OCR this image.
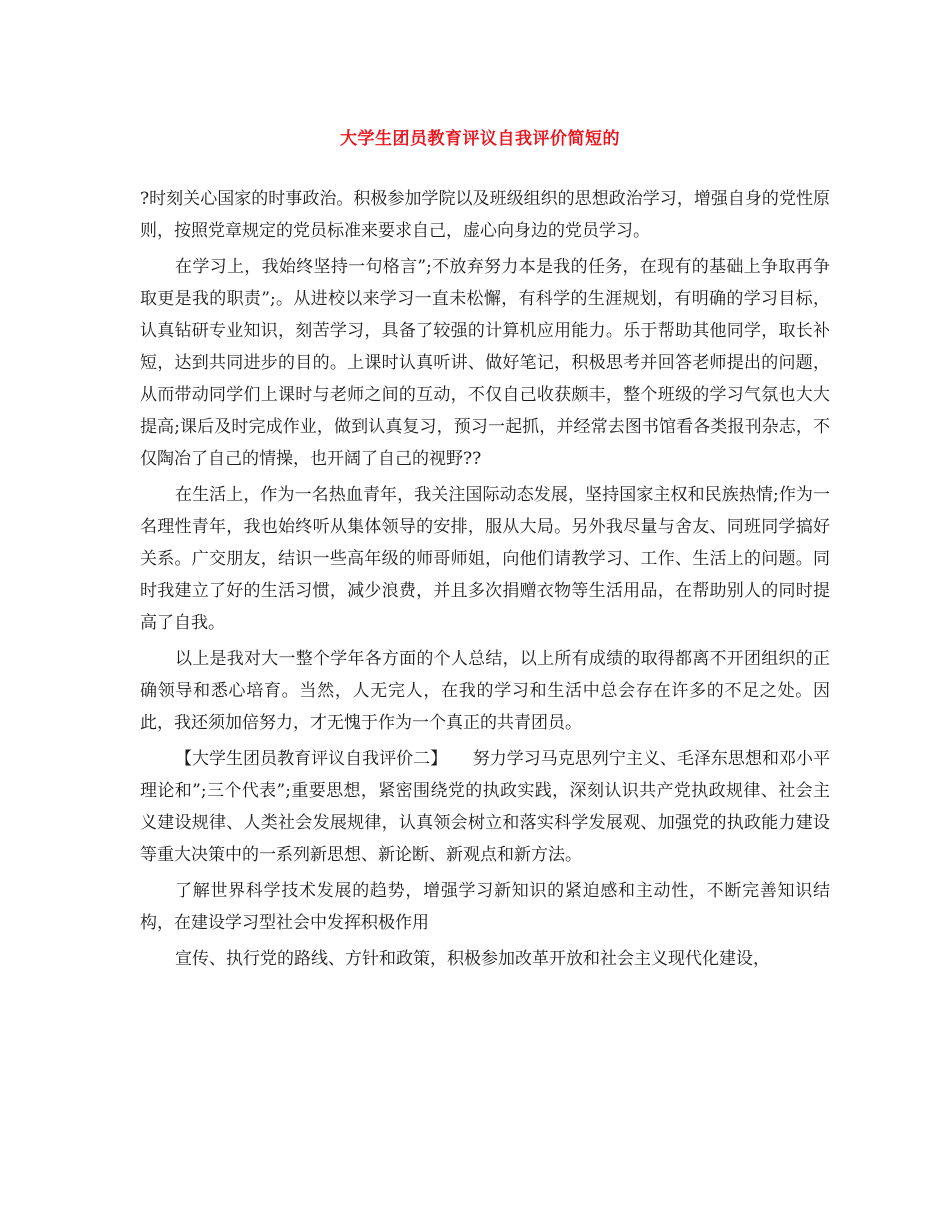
大学生团员教育评议自我评价简短的

?时刻关心国家的时事政治。积极参加学院以及班级组织的思想政治学习，增强自身的党性原则，按照党章规定的党员标准来要求自己，虚心向身边的党员学习。

在学习上，我始终坚持一句格言”;不放弃努力本是我的任务，在现有的基础上争取再争取更是我的职责”;。从进校以来学习一直未松懈，有科学的生涯规划，有明确的学习目标，认真钻研专业知识，刻苦学习，具备了较强的计算机应用能力。乐于帮助其他同学，取长补短，达到共同进步的目的。上课时认真听讲、做好笔记，积极思考并回答老师提出的问题，从而带动同学们上课时与老师之间的互动，不仅自己收获颇丰，整个班级的学习气氛也大大提高;课后及时完成作业，做到认真复习，预习一起抓，并经常去图书馆看各类报刊杂志，不仅陶冶了自己的情操，也开阔了自己的视野??

在生活上，作为一名热血青年，我关注国际动态发展，坚持国家主权和民族热情;作为一名理性青年，我也始终听从集体领导的安排，服从大局。另外我尽量与舍友、同班同学搞好关系。广交朋友，结识一些高年级的师哥师姐，向他们请教学习、工作、生活上的问题。同时我建立了好的生活习惯，减少浪费，并且多次捐赠衣物等生活用品，在帮助别人的同时提高了自我。

以上是我对大一整个学年各方面的个人总结，以上所有成绩的取得都离不开团组织的正确领导和悉心培育。当然，人无完人，在我的学习和生活中总会存在许多的不足之处。因此，我还须加倍努力，才无愧于作为一个真正的共青团员。

【大学生团员教育评议自我评价二】　　努力学习马克思列宁主义、毛泽东思想和邓小平理论和”;三个代表”;重要思想，紧密围绕党的执政实践，深刻认识共产党执政规律、社会主义建设规律、人类社会发展规律，认真领会树立和落实科学发展观、加强党的执政能力建设等重大决策中的一系列新思想、新论断、新观点和新方法。

了解世界科学技术发展的趋势，增强学习新知识的紧迫感和主动性，不断完善知识结构，在建设学习型社会中发挥积极作用

宣传、执行党的路线、方针和政策，积极参加改革开放和社会主义现代化建设，
